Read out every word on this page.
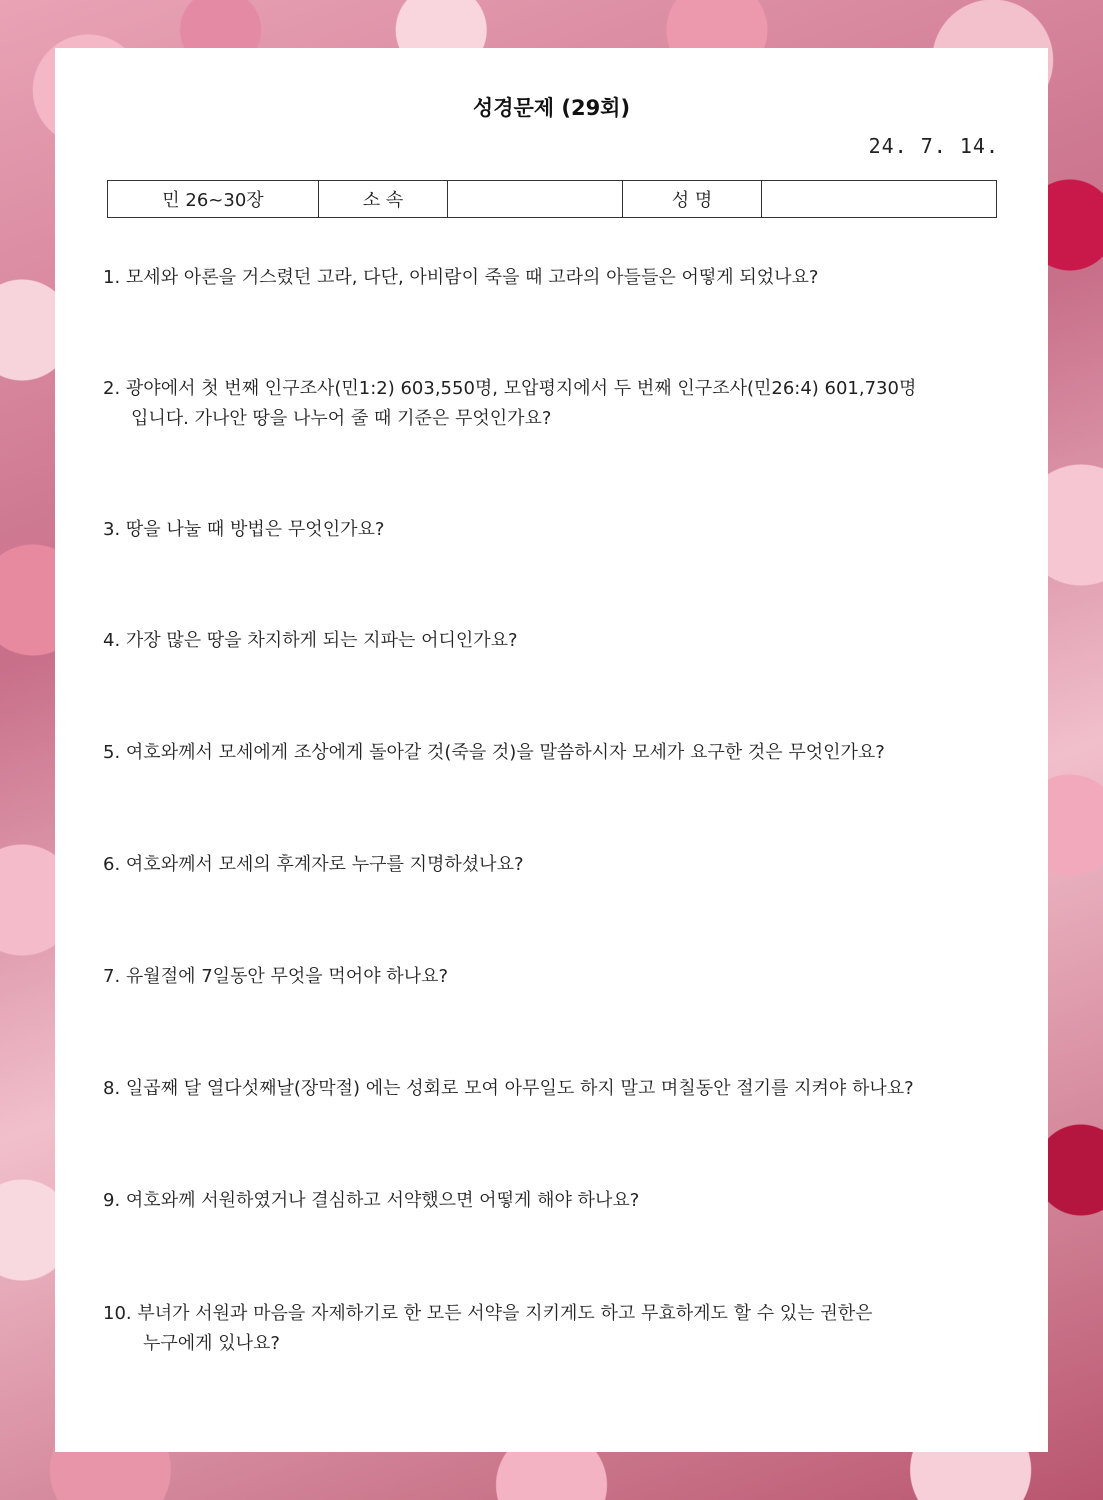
성경문제 (29회)
24. 7. 14.
민 26~30장	소 속		성 명	
1. 모세와 아론을 거스렸던 고라, 다단, 아비람이 죽을 때 고라의 아들들은 어떻게 되었나요?
2. 광야에서 첫 번째 인구조사(민1:2) 603,550명, 모압평지에서 두 번째 인구조사(민26:4) 601,730명
입니다. 가나안 땅을 나누어 줄 때 기준은 무엇인가요?
3. 땅을 나눌 때 방법은 무엇인가요?
4. 가장 많은 땅을 차지하게 되는 지파는 어디인가요?
5. 여호와께서 모세에게 조상에게 돌아갈 것(죽을 것)을 말씀하시자 모세가 요구한 것은 무엇인가요?
6. 여호와께서 모세의 후계자로 누구를 지명하셨나요?
7. 유월절에 7일동안 무엇을 먹어야 하나요?
8. 일곱째 달 열다섯째날(장막절) 에는 성회로 모여 아무일도 하지 말고 며칠동안 절기를 지켜야 하나요?
9. 여호와께 서원하였거나 결심하고 서약했으면 어떻게 해야 하나요?
10. 부녀가 서원과 마음을 자제하기로 한 모든 서약을 지키게도 하고 무효하게도 할 수 있는 권한은
누구에게 있나요?
